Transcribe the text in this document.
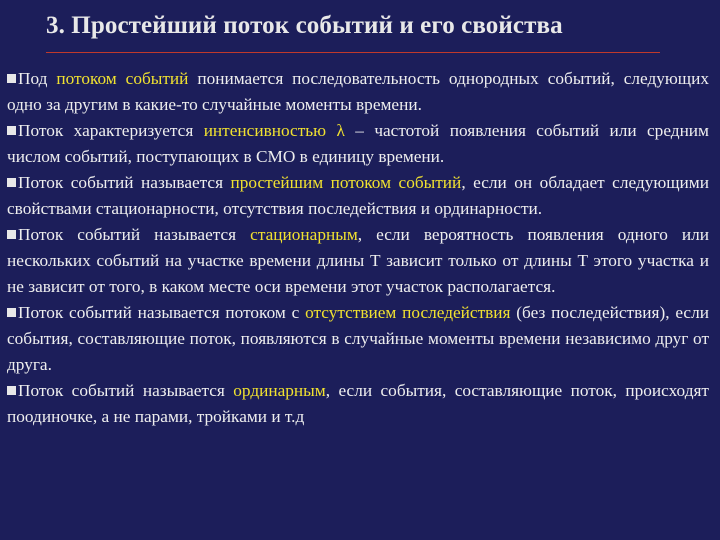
3. Простейший поток событий и его свойства

Под потоком событий понимается последовательность однородных событий, следующих одно за другим в какие-то случайные моменты времени.

Поток характеризуется интенсивностью λ – частотой появления событий или средним числом событий, поступающих в СМО в единицу времени.

Поток событий называется простейшим потоком событий, если он обладает следующими свойствами стационарности, отсутствия последействия и ординарности.

Поток событий называется стационарным, если вероятность появления одного или нескольких событий на участке времени длины T зависит только от длины T этого участка и не зависит от того, в каком месте оси времени этот участок располагается.

Поток событий называется потоком с отсутствием последействия (без последействия), если события, составляющие поток, появляются в случайные моменты времени независимо друг от друга.

Поток событий называется ординарным, если события, составляющие поток, происходят поодиночке, а не парами, тройками и т.д
